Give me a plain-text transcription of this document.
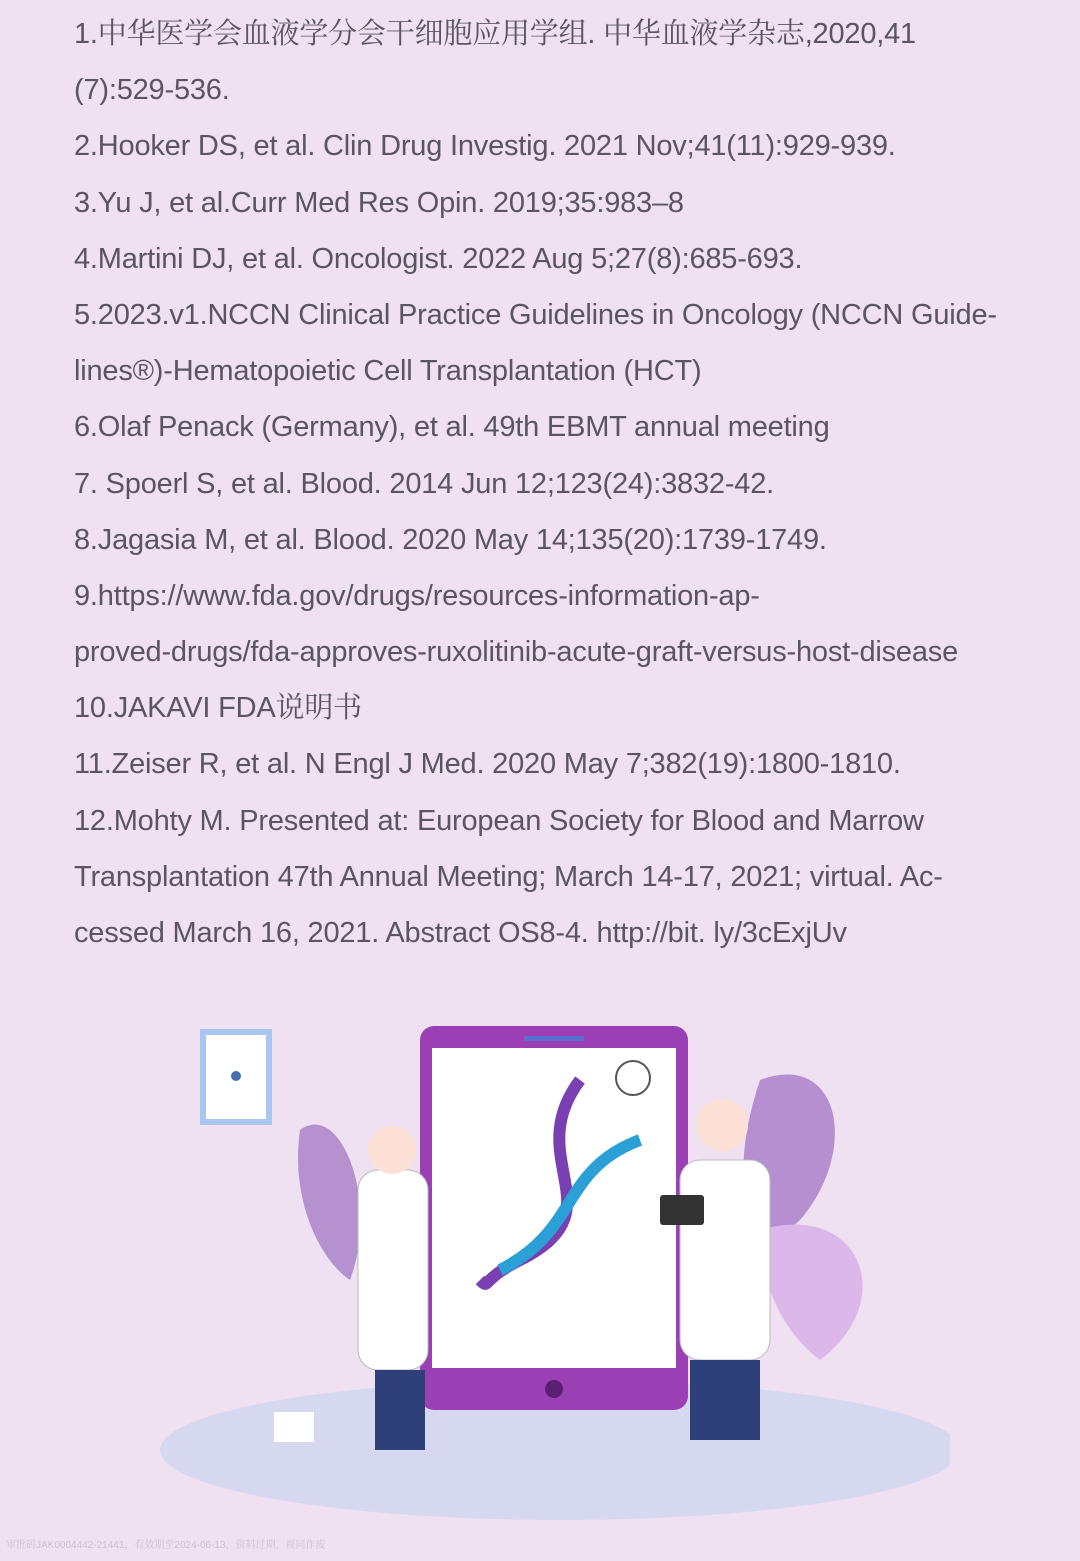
1.中华医学会血液学分会干细胞应用学组. 中华血液学杂志,2020,41
(7):529-536.
2.Hooker DS, et al. Clin Drug Investig. 2021 Nov;41(11):929-939.
3.Yu J, et al.Curr Med Res Opin. 2019;35:983–8
4.Martini DJ, et al. Oncologist. 2022 Aug 5;27(8):685-693.
5.2023.v1.NCCN Clinical Practice Guidelines in Oncology (NCCN Guide-
lines®)-Hematopoietic Cell Transplantation (HCT)
6.Olaf Penack (Germany), et al. 49th EBMT annual meeting
7. Spoerl S, et al. Blood. 2014 Jun 12;123(24):3832-42.
8.Jagasia M, et al. Blood. 2020 May 14;135(20):1739-1749.
9.https://www.fda.gov/drugs/resources-information-ap-
proved-drugs/fda-approves-ruxolitinib-acute-graft-versus-host-disease
10.JAKAVI FDA说明书
11.Zeiser R, et al. N Engl J Med. 2020 May 7;382(19):1800-1810.
12.Mohty M. Presented at: European Society for Blood and Marrow
Transplantation 47th Annual Meeting; March 14-17, 2021; virtual. Ac-
cessed March 16, 2021. Abstract OS8-4. http://bit. ly/3cExjUv
审批码JAK0004442-21441，有效期至2024-06-13，资料过期，视同作废
